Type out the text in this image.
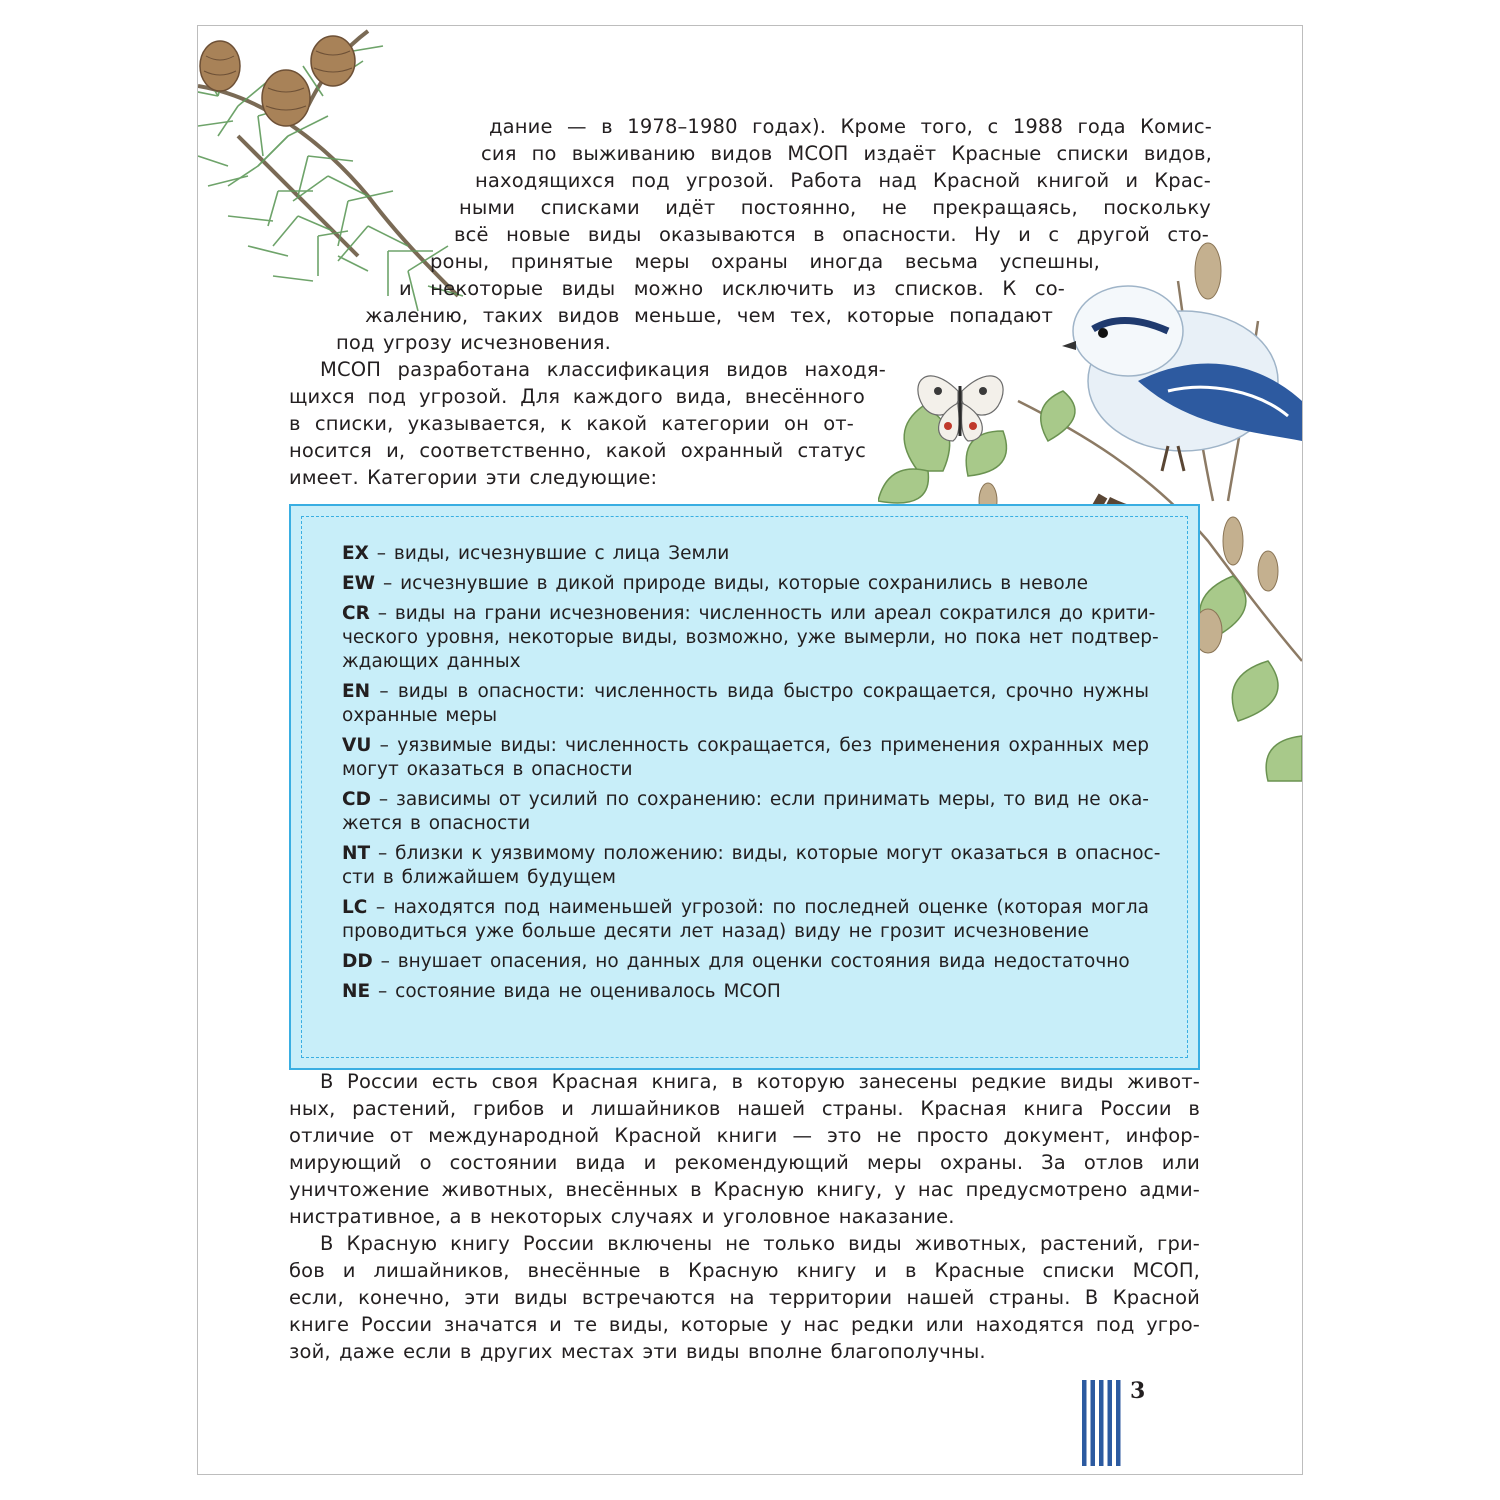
дание — в 1978–1980 годах). Кроме того, с 1988 года Комис-
сия по выживанию видов МСОП издаёт Красные списки видов,
находящихся под угрозой. Работа над Красной книгой и Крас-
ными списками идёт постоянно, не прекращаясь, поскольку
всё новые виды оказываются в опасности. Ну и с другой сто-
роны, принятые меры охраны иногда весьма успешны,
и некоторые виды можно исключить из списков. К со-
жалению, таких видов меньше, чем тех, которые попадают
под угрозу исчезновения.
МСОП разработана классификация видов находя-
щихся под угрозой. Для каждого вида, внесённого
в списки, указывается, к какой категории он от-
носится и, соответственно, какой охранный статус
имеет. Категории эти следующие:
EX – виды, исчезнувшие с лица Земли
EW – исчезнувшие в дикой природе виды, которые сохранились в неволе
CR – виды на грани исчезновения: численность или ареал сократился до крити-
ческого уровня, некоторые виды, возможно, уже вымерли, но пока нет подтвер-
ждающих данных
EN – виды в опасности: численность вида быстро сокращается, срочно нужны
охранные меры
VU – уязвимые виды: численность сокращается, без применения охранных мер
могут оказаться в опасности
CD – зависимы от усилий по сохранению: если принимать меры, то вид не ока-
жется в опасности
NT – близки к уязвимому положению: виды, которые могут оказаться в опаснос-
сти в ближайшем будущем
LC – находятся под наименьшей угрозой: по последней оценке (которая могла
проводиться уже больше десяти лет назад) виду не грозит исчезновение
DD – внушает опасения, но данных для оценки состояния вида недостаточно
NE – состояние вида не оценивалось МСОП
В России есть своя Красная книга, в которую занесены редкие виды живот-
ных, растений, грибов и лишайников нашей страны. Красная книга России в
отличие от международной Красной книги — это не просто документ, инфор-
мирующий о состоянии вида и рекомендующий меры охраны. За отлов или
уничтожение животных, внесённых в Красную книгу, у нас предусмотрено адми-
нистративное, а в некоторых случаях и уголовное наказание.
В Красную книгу России включены не только виды животных, растений, гри-
бов и лишайников, внесённые в Красную книгу и в Красные списки МСОП,
если, конечно, эти виды встречаются на территории нашей страны. В Красной
книге России значатся и те виды, которые у нас редки или находятся под угро-
зой, даже если в других местах эти виды вполне благополучны.
3
